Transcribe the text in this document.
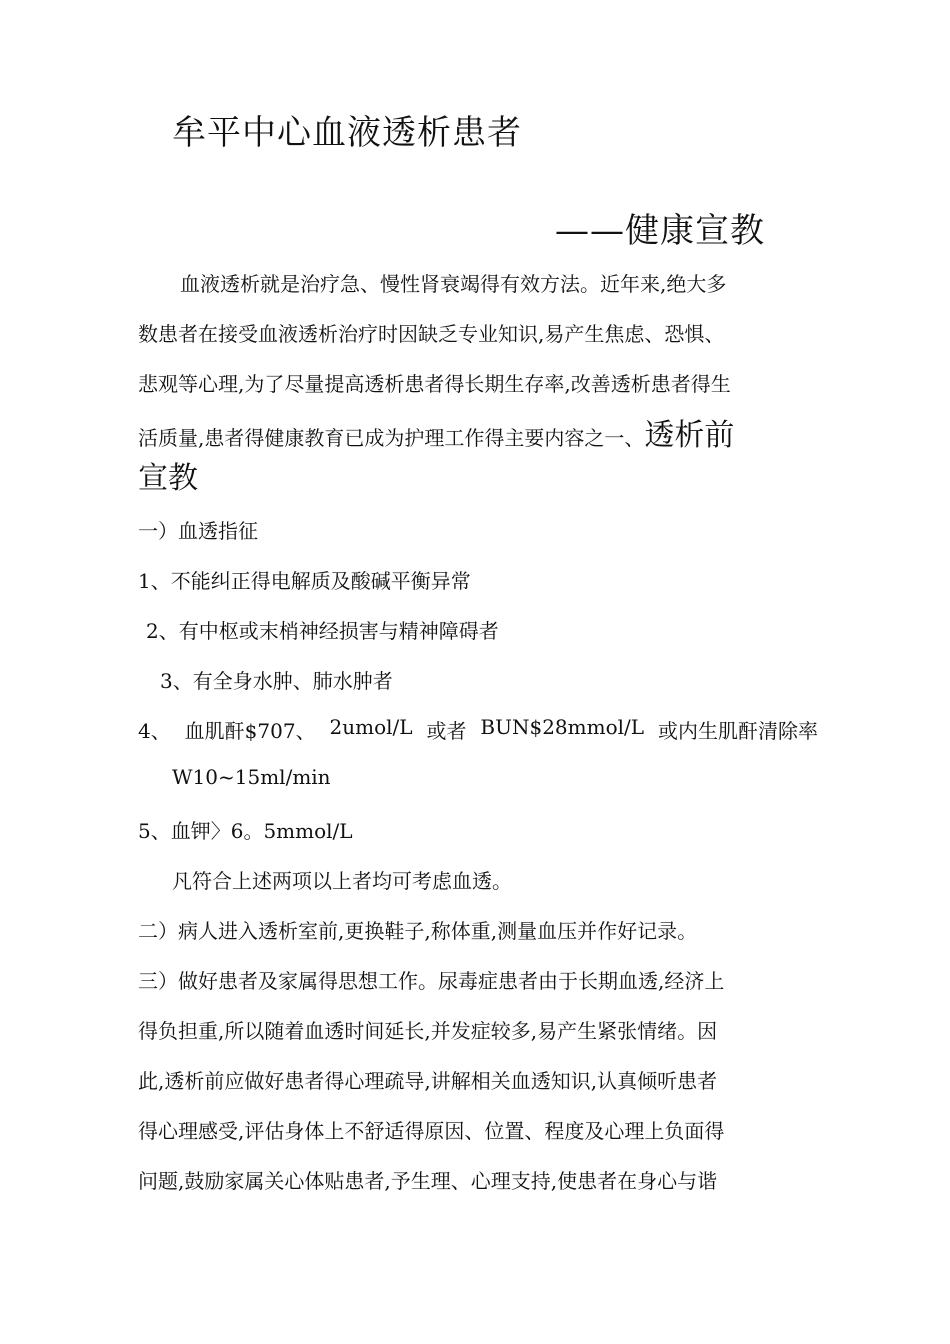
牟平中心血液透析患者
——健康宣教
血液透析就是治疗急、慢性肾衰竭得有效方法。近年来,绝大多
数患者在接受血液透析治疗时因缺乏专业知识,易产生焦虑、恐惧、
悲观等心理,为了尽量提高透析患者得长期生存率,改善透析患者得生
活质量,患者得健康教育已成为护理工作得主要内容之一、透析前
宣教
一）血透指征
1、不能纠正得电解质及酸碱平衡异常
2、有中枢或末梢神经损害与精神障碍者
3、有全身水肿、肺水肿者
4、 血肌酐$707、 2umol/L 或者 BUN$28mmol/L 或内生肌酐清除率
W10~15ml/min
5、血钾〉6。5mmol/L
凡符合上述两项以上者均可考虑血透。
二）病人进入透析室前,更换鞋子,称体重,测量血压并作好记录。
三）做好患者及家属得思想工作。尿毒症患者由于长期血透,经济上
得负担重,所以随着血透时间延长,并发症较多,易产生紧张情绪。因
此,透析前应做好患者得心理疏导,讲解相关血透知识,认真倾听患者
得心理感受,评估身体上不舒适得原因、位置、程度及心理上负面得
问题,鼓励家属关心体贴患者,予生理、心理支持,使患者在身心与谐
